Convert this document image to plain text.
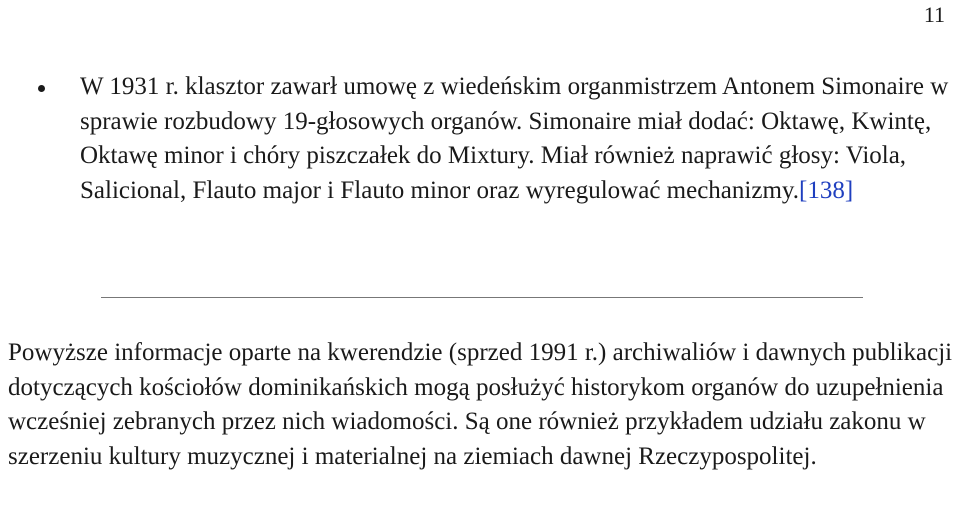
11
W 1931 r. klasztor zawarł umowę z wiedeńskim organmistrzem Antonem Simonaire w sprawie rozbudowy 19-głosowych organów. Simonaire miał dodać: Oktawę, Kwintę, Oktawę minor i chóry piszczałek do Mixtury. Miał również naprawić głosy: Viola, Salicional, Flauto major i Flauto minor oraz wyregulować mechanizmy.[138]

Powyższe informacje oparte na kwerendzie (sprzed 1991 r.) archiwaliów i dawnych publikacji dotyczących kościołów dominikańskich mogą posłużyć historykom organów do uzupełnienia wcześniej zebranych przez nich wiadomości. Są one również przykładem udziału zakonu w szerzeniu kultury muzycznej i materialnej na ziemiach dawnej Rzeczypospolitej.
